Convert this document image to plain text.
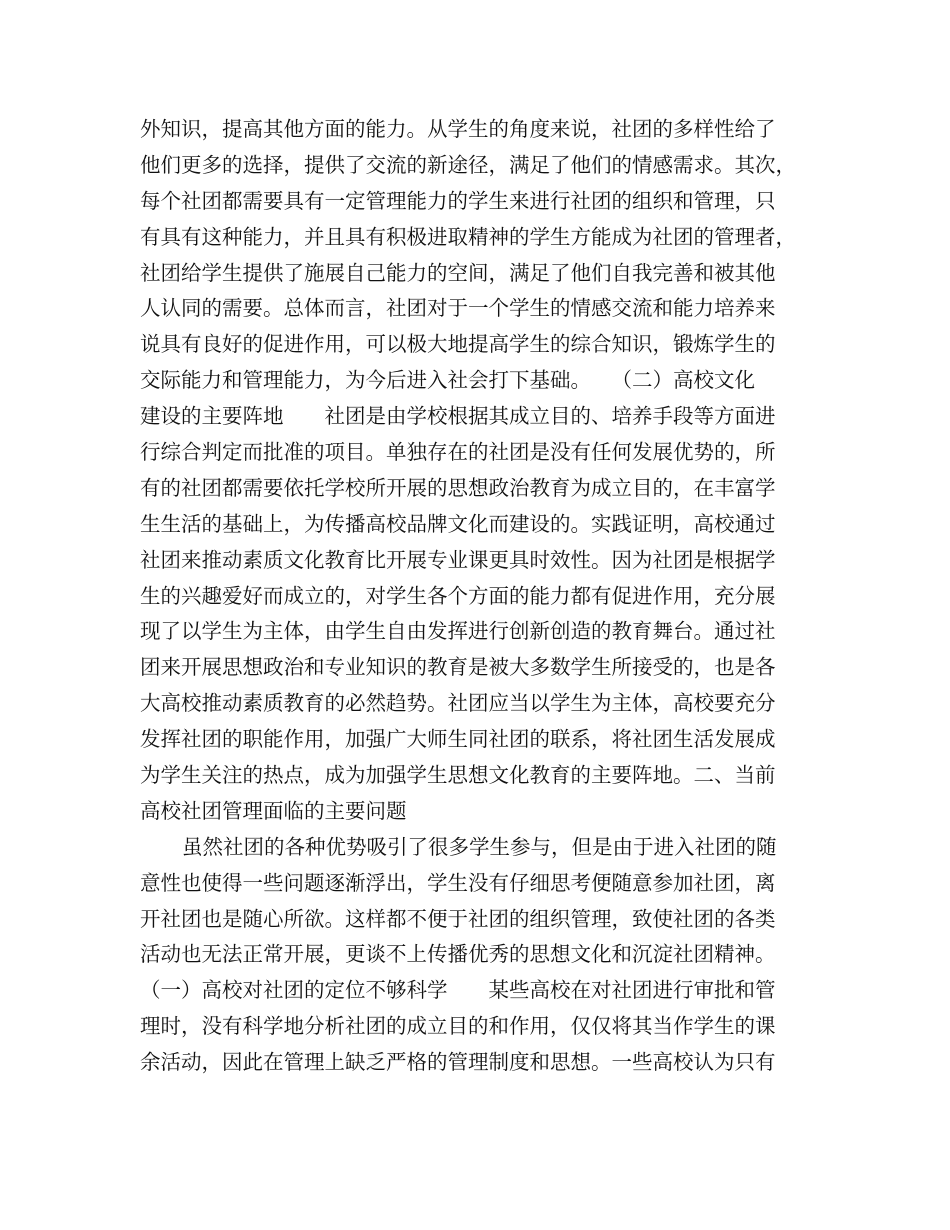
外知识，提高其他方面的能力。从学生的角度来说，社团的多样性给了
他们更多的选择，提供了交流的新途径，满足了他们的情感需求。其次，
每个社团都需要具有一定管理能力的学生来进行社团的组织和管理，只
有具有这种能力，并且具有积极进取精神的学生方能成为社团的管理者，
社团给学生提供了施展自己能力的空间，满足了他们自我完善和被其他
人认同的需要。总体而言，社团对于一个学生的情感交流和能力培养来
说具有良好的促进作用，可以极大地提高学生的综合知识，锻炼学生的
交际能力和管理能力，为今后进入社会打下基础。　　（二）高校文化
建设的主要阵地　　社团是由学校根据其成立目的、培养手段等方面进
行综合判定而批准的项目。单独存在的社团是没有任何发展优势的，所
有的社团都需要依托学校所开展的思想政治教育为成立目的，在丰富学
生生活的基础上，为传播高校品牌文化而建设的。实践证明，高校通过
社团来推动素质文化教育比开展专业课更具时效性。因为社团是根据学
生的兴趣爱好而成立的，对学生各个方面的能力都有促进作用，充分展
现了以学生为主体，由学生自由发挥进行创新创造的教育舞台。通过社
团来开展思想政治和专业知识的教育是被大多数学生所接受的，也是各
大高校推动素质教育的必然趋势。社团应当以学生为主体，高校要充分
发挥社团的职能作用，加强广大师生同社团的联系，将社团生活发展成
为学生关注的热点，成为加强学生思想文化教育的主要阵地。二、当前
高校社团管理面临的主要问题
虽然社团的各种优势吸引了很多学生参与，但是由于进入社团的随
意性也使得一些问题逐渐浮出，学生没有仔细思考便随意参加社团，离
开社团也是随心所欲。这样都不便于社团的组织管理，致使社团的各类
活动也无法正常开展，更谈不上传播优秀的思想文化和沉淀社团精神。
（一）高校对社团的定位不够科学　　某些高校在对社团进行审批和管
理时，没有科学地分析社团的成立目的和作用，仅仅将其当作学生的课
余活动，因此在管理上缺乏严格的管理制度和思想。一些高校认为只有
